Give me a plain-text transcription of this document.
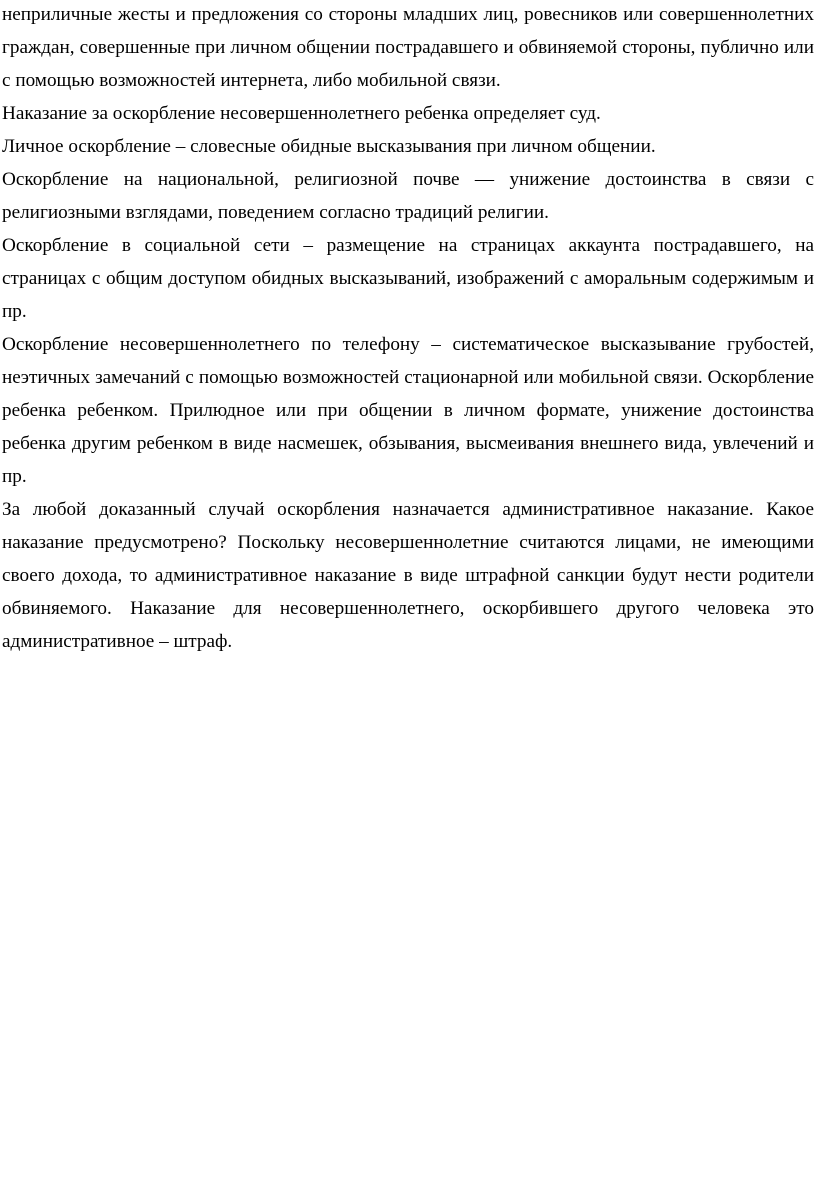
неприличные жесты и предложения со стороны младших лиц, ровесников или совершеннолетних граждан, совершенные при личном общении пострадавшего и обвиняемой стороны, публично или с помощью возможностей интернета, либо мобильной связи.

Наказание за оскорбление несовершеннолетнего ребенка определяет суд.

Личное оскорбление – словесные обидные высказывания при личном общении.

Оскорбление на национальной, религиозной почве — унижение достоинства в связи с религиозными взглядами, поведением согласно традиций религии.

Оскорбление в социальной сети – размещение на страницах аккаунта пострадавшего, на страницах с общим доступом обидных высказываний, изображений с аморальным содержимым и пр.

Оскорбление несовершеннолетнего по телефону – систематическое высказывание грубостей, неэтичных замечаний с помощью возможностей стационарной или мобильной связи. Оскорбление ребенка ребенком. Прилюдное или при общении в личном формате, унижение достоинства ребенка другим ребенком в виде насмешек, обзывания, высмеивания внешнего вида, увлечений и пр.

За любой доказанный случай оскорбления назначается административное наказание. Какое наказание предусмотрено? Поскольку несовершеннолетние считаются лицами, не имеющими своего дохода, то административное наказание в виде штрафной санкции будут нести родители обвиняемого. Наказание для несовершеннолетнего, оскорбившего другого человека это административное – штраф.
